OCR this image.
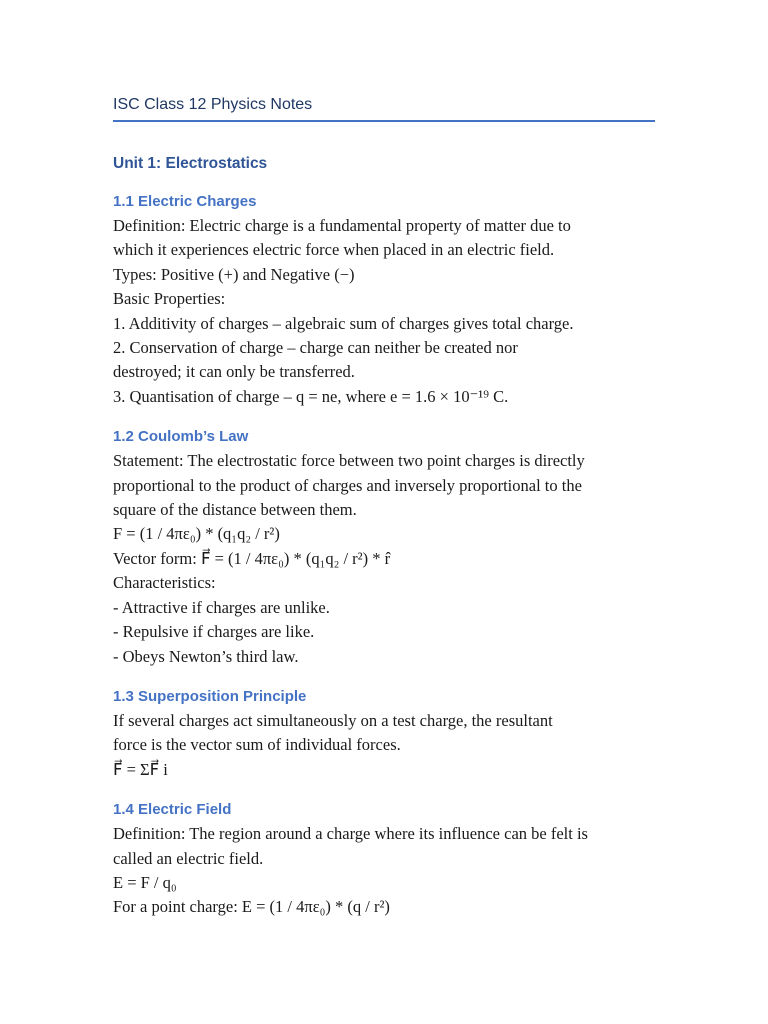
ISC Class 12 Physics Notes

Unit 1: Electrostatics
1.1 Electric Charges

Definition: Electric charge is a fundamental property of matter due to

which it experiences electric force when placed in an electric field.

Types: Positive (+) and Negative (−)

Basic Properties:

1. Additivity of charges – algebraic sum of charges gives total charge.

2. Conservation of charge – charge can neither be created nor

destroyed; it can only be transferred.

3. Quantisation of charge – q = ne, where e = 1.6 × 10⁻¹⁹ C.

1.2 Coulomb’s Law

Statement: The electrostatic force between two point charges is directly

proportional to the product of charges and inversely proportional to the

square of the distance between them.

F = (1 / 4πε₀) * (q₁q₂ / r²)

Vector form: F⃗ = (1 / 4πε₀) * (q₁q₂ / r²) * r̂

Characteristics:

- Attractive if charges are unlike.

- Repulsive if charges are like.

- Obeys Newton’s third law.

1.3 Superposition Principle

If several charges act simultaneously on a test charge, the resultant

force is the vector sum of individual forces.

F⃗ = ΣF⃗ i

1.4 Electric Field

Definition: The region around a charge where its influence can be felt is

called an electric field.

E = F / q₀

For a point charge: E = (1 / 4πε₀) * (q / r²)
